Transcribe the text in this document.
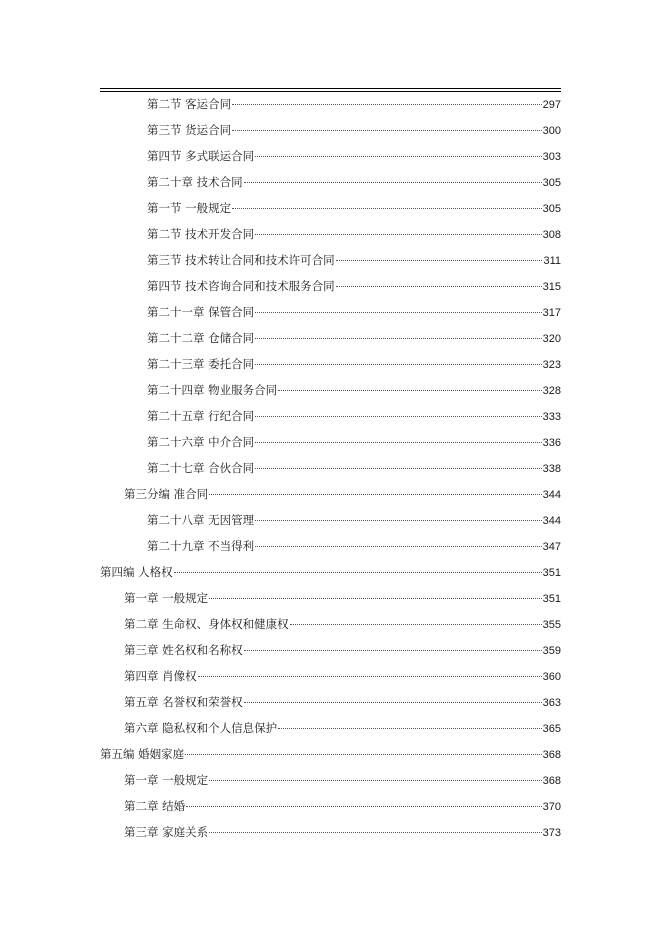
第二节 客运合同	297
第三节 货运合同	300
第四节 多式联运合同	303
第二十章 技术合同	305
第一节 一般规定	305
第二节 技术开发合同	308
第三节 技术转让合同和技术许可合同	311
第四节 技术咨询合同和技术服务合同	315
第二十一章 保管合同	317
第二十二章 仓储合同	320
第二十三章 委托合同	323
第二十四章 物业服务合同	328
第二十五章 行纪合同	333
第二十六章 中介合同	336
第二十七章 合伙合同	338
第三分编 准合同	344
第二十八章 无因管理	344
第二十九章 不当得利	347
第四编 人格权	351
第一章 一般规定	351
第二章 生命权、身体权和健康权	355
第三章 姓名权和名称权	359
第四章 肖像权	360
第五章 名誉权和荣誉权	363
第六章 隐私权和个人信息保护	365
第五编 婚姻家庭	368
第一章 一般规定	368
第二章 结婚	370
第三章 家庭关系	373
